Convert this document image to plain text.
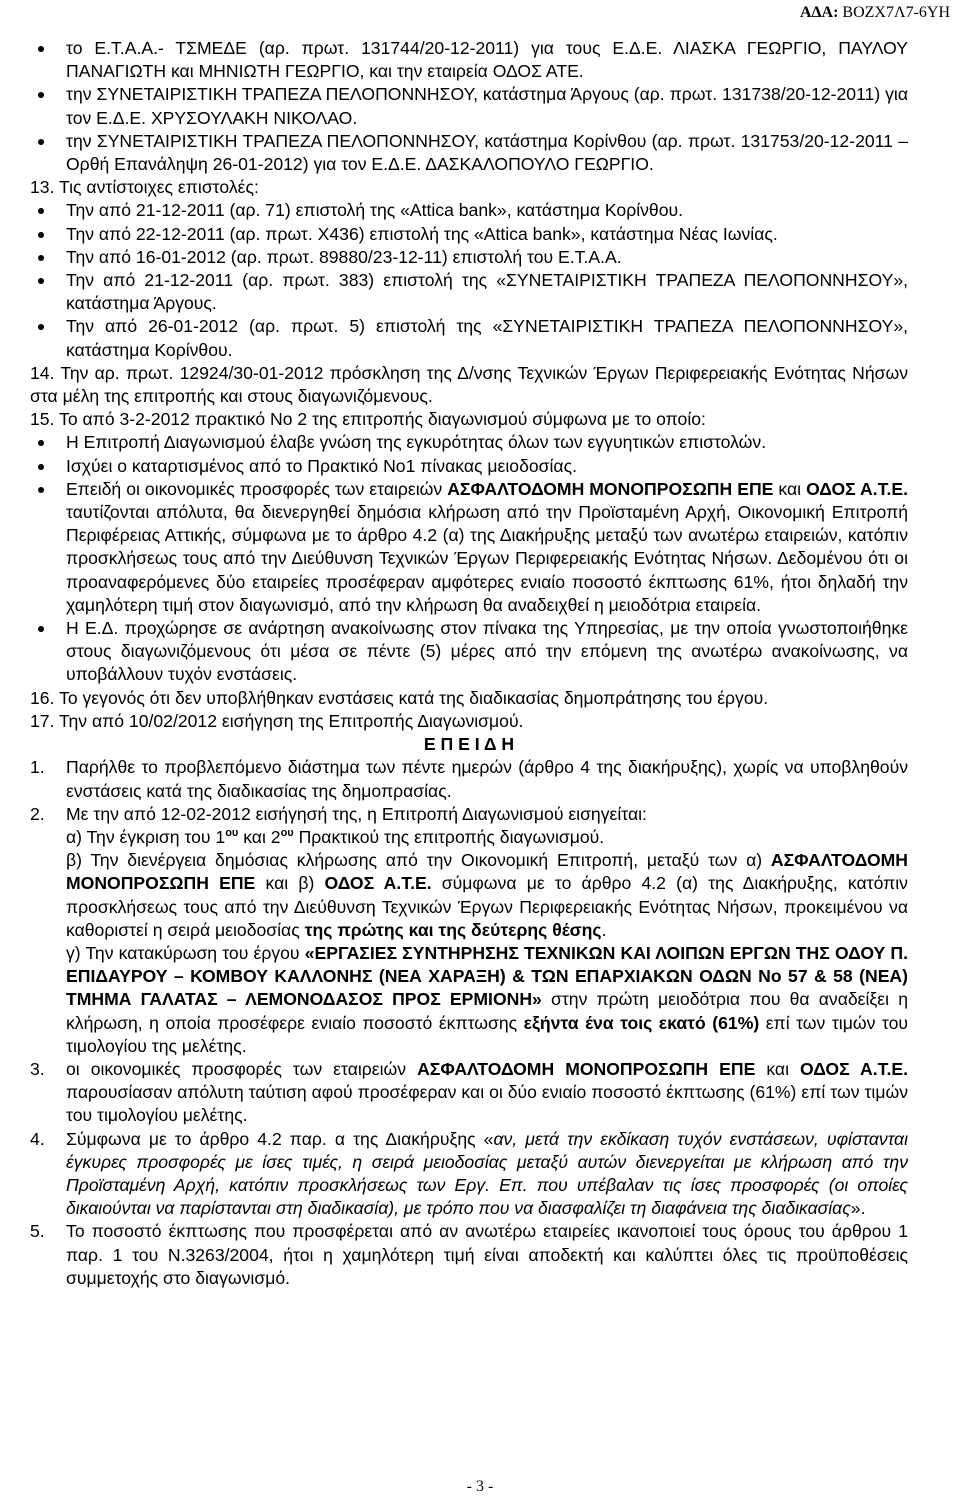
ΑΔΑ: ΒΟΖΧ7Λ7-6ΥΗ

το Ε.Τ.Α.Α.- ΤΣΜΕΔΕ (αρ. πρωτ. 131744/20-12-2011) για τους Ε.Δ.Ε. ΛΙΑΣΚΑ ΓΕΩΡΓΙΟ, ΠΑΥΛΟΥ ΠΑΝΑΓΙΩΤΗ και ΜΗΝΙΩΤΗ ΓΕΩΡΓΙΟ, και την εταιρεία ΟΔΟΣ ΑΤΕ.

την ΣΥΝΕΤΑΙΡΙΣΤΙΚΗ ΤΡΑΠΕΖΑ ΠΕΛΟΠΟΝΝΗΣΟΥ, κατάστημα Άργους (αρ. πρωτ. 131738/20-12-2011) για τον Ε.Δ.Ε. ΧΡΥΣΟΥΛΑΚΗ ΝΙΚΟΛΑΟ.

την ΣΥΝΕΤΑΙΡΙΣΤΙΚΗ ΤΡΑΠΕΖΑ ΠΕΛΟΠΟΝΝΗΣΟΥ, κατάστημα Κορίνθου (αρ. πρωτ. 131753/20-12-2011 – Ορθή Επανάληψη 26-01-2012) για τον Ε.Δ.Ε. ΔΑΣΚΑΛΟΠΟΥΛΟ ΓΕΩΡΓΙΟ.

13. Τις αντίστοιχες επιστολές:

Την από 21-12-2011 (αρ. 71) επιστολή της «Attica bank», κατάστημα Κορίνθου.

Την από 22-12-2011 (αρ. πρωτ. Χ436) επιστολή της «Attica bank», κατάστημα Νέας Ιωνίας.

Την από 16-01-2012 (αρ. πρωτ. 89880/23-12-11) επιστολή του Ε.Τ.Α.Α.

Την από 21-12-2011 (αρ. πρωτ. 383) επιστολή της «ΣΥΝΕΤΑΙΡΙΣΤΙΚΗ ΤΡΑΠΕΖΑ ΠΕΛΟΠΟΝΝΗΣΟΥ», κατάστημα Άργους.

Την από 26-01-2012 (αρ. πρωτ. 5) επιστολή της «ΣΥΝΕΤΑΙΡΙΣΤΙΚΗ ΤΡΑΠΕΖΑ ΠΕΛΟΠΟΝΝΗΣΟΥ», κατάστημα Κορίνθου.

14. Την αρ. πρωτ. 12924/30-01-2012 πρόσκληση της Δ/νσης Τεχνικών Έργων Περιφερειακής Ενότητας Νήσων στα μέλη της επιτροπής και στους διαγωνιζόμενους.

15. Το από 3-2-2012 πρακτικό Νο 2 της επιτροπής διαγωνισμού σύμφωνα με το οποίο:

Η Επιτροπή Διαγωνισμού έλαβε γνώση της εγκυρότητας όλων των εγγυητικών επιστολών.

Ισχύει ο καταρτισμένος από το Πρακτικό Νο1 πίνακας μειοδοσίας.

Επειδή οι οικονομικές προσφορές των εταιρειών ΑΣΦΑΛΤΟΔΟΜΗ ΜΟΝΟΠΡΟΣΩΠΗ ΕΠΕ και ΟΔΟΣ Α.Τ.Ε. ταυτίζονται απόλυτα, θα διενεργηθεί δημόσια κλήρωση από την Προϊσταμένη Αρχή, Οικονομική Επιτροπή Περιφέρειας Αττικής, σύμφωνα με το άρθρο 4.2 (α) της Διακήρυξης μεταξύ των ανωτέρω εταιρειών, κατόπιν προσκλήσεως τους από την Διεύθυνση Τεχνικών Έργων Περιφερειακής Ενότητας Νήσων. Δεδομένου ότι οι προαναφερόμενες δύο εταιρείες προσέφεραν αμφότερες ενιαίο ποσοστό έκπτωσης 61%, ήτοι δηλαδή την χαμηλότερη τιμή στον διαγωνισμό, από την κλήρωση θα αναδειχθεί η μειοδότρια εταιρεία.

Η Ε.Δ. προχώρησε σε ανάρτηση ανακοίνωσης στον πίνακα της Υπηρεσίας, με την οποία γνωστοποιήθηκε στους διαγωνιζόμενους ότι μέσα σε πέντε (5) μέρες από την επόμενη της ανωτέρω ανακοίνωσης, να υποβάλλουν τυχόν ενστάσεις.

16. Το γεγονός ότι δεν υποβλήθηκαν ενστάσεις κατά της διαδικασίας δημοπράτησης του έργου.

17. Την από 10/02/2012 εισήγηση της Επιτροπής Διαγωνισμού.

Ε Π Ε Ι Δ Η

1. Παρήλθε το προβλεπόμενο διάστημα των πέντε ημερών (άρθρο 4 της διακήρυξης), χωρίς να υποβληθούν ενστάσεις κατά της διαδικασίας της δημοπρασίας.

2. Με την από 12-02-2012 εισήγησή της, η Επιτροπή Διαγωνισμού εισηγείται:

α) Την έγκριση του $1^{o\upsilon}$ και $2^{o\upsilon}$ Πρακτικού της επιτροπής διαγωνισμού.

β) Την διενέργεια δημόσιας κλήρωσης από την Οικονομική Επιτροπή, μεταξύ των α) ΑΣΦΑΛΤΟΔΟΜΗ ΜΟΝΟΠΡΟΣΩΠΗ ΕΠΕ και β) ΟΔΟΣ Α.Τ.Ε. σύμφωνα με το άρθρο 4.2 (α) της Διακήρυξης, κατόπιν προσκλήσεως τους από την Διεύθυνση Τεχνικών Έργων Περιφερειακής Ενότητας Νήσων, προκειμένου να καθοριστεί η σειρά μειοδοσίας της πρώτης και της δεύτερης θέσης.

γ) Την κατακύρωση του έργου «ΕΡΓΑΣΙΕΣ ΣΥΝΤΗΡΗΣΗΣ ΤΕΧΝΙΚΩΝ ΚΑΙ ΛΟΙΠΩΝ ΕΡΓΩΝ ΤΗΣ ΟΔΟΥ Π. ΕΠΙΔΑΥΡΟΥ – ΚΟΜΒΟΥ ΚΑΛΛΟΝΗΣ (ΝΕΑ ΧΑΡΑΞΗ) & ΤΩΝ ΕΠΑΡΧΙΑΚΩΝ ΟΔΩΝ Νο 57 & 58 (ΝΕΑ) ΤΜΗΜΑ ΓΑΛΑΤΑΣ – ΛΕΜΟΝΟΔΑΣΟΣ ΠΡΟΣ ΕΡΜΙΟΝΗ» στην πρώτη μειοδότρια που θα αναδείξει η κλήρωση, η οποία προσέφερε ενιαίο ποσοστό έκπτωσης εξήντα ένα τοις εκατό (61%) επί των τιμών του τιμολογίου της μελέτης.

3. οι οικονομικές προσφορές των εταιρειών ΑΣΦΑΛΤΟΔΟΜΗ ΜΟΝΟΠΡΟΣΩΠΗ ΕΠΕ και ΟΔΟΣ Α.Τ.Ε. παρουσίασαν απόλυτη ταύτιση αφού προσέφεραν και οι δύο ενιαίο ποσοστό έκπτωσης (61%) επί των τιμών του τιμολογίου μελέτης.

4. Σύμφωνα με το άρθρο 4.2 παρ. α της Διακήρυξης «αν, μετά την εκδίκαση τυχόν ενστάσεων, υφίστανται έγκυρες προσφορές με ίσες τιμές, η σειρά μειοδοσίας μεταξύ αυτών διενεργείται με κλήρωση από την Προϊσταμένη Αρχή, κατόπιν προσκλήσεως των Εργ. Επ. που υπέβαλαν τις ίσες προσφορές (οι οποίες δικαιούνται να παρίστανται στη διαδικασία), με τρόπο που να διασφαλίζει τη διαφάνεια της διαδικασίας».

5. Το ποσοστό έκπτωσης που προσφέρεται από αν ανωτέρω εταιρείες ικανοποιεί τους όρους του άρθρου 1 παρ. 1 του Ν.3263/2004, ήτοι η χαμηλότερη τιμή είναι αποδεκτή και καλύπτει όλες τις προϋποθέσεις συμμετοχής στο διαγωνισμό.

- 3 -
